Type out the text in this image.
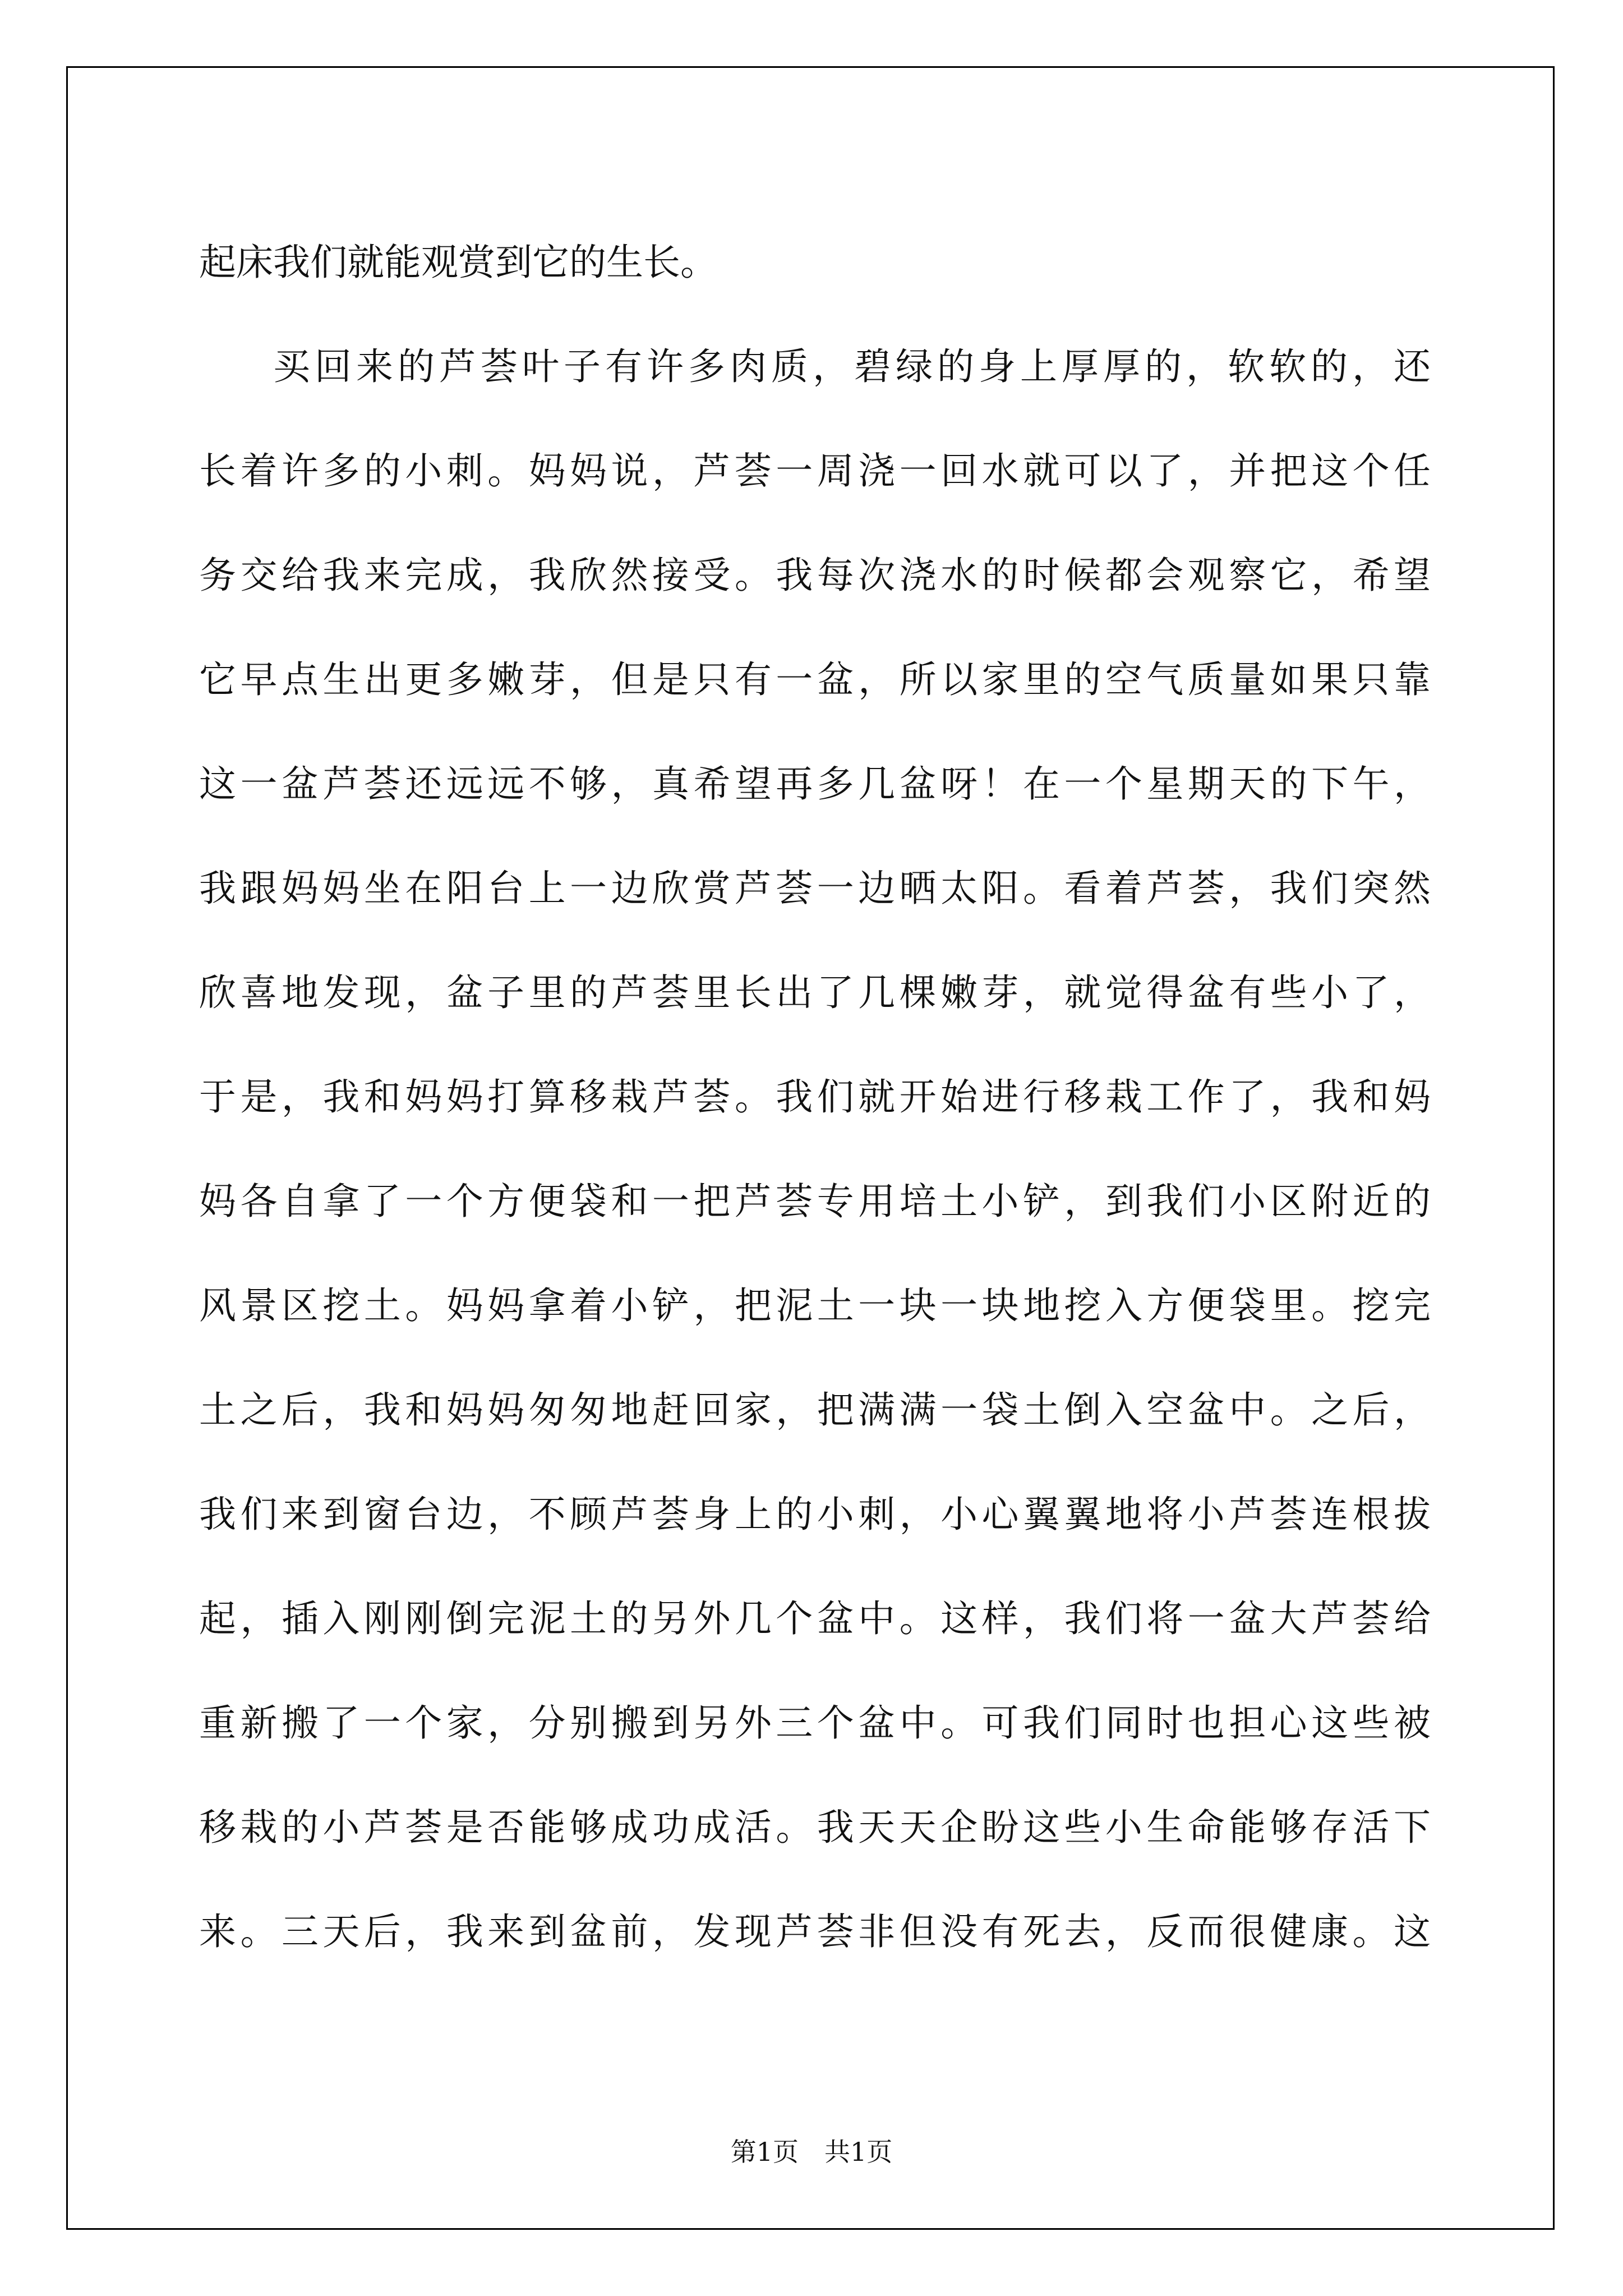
起床我们就能观赏到它的生长。
买回来的芦荟叶子有许多肉质，碧绿的身上厚厚的，软软的，还
长着许多的小刺。妈妈说，芦荟一周浇一回水就可以了，并把这个任
务交给我来完成，我欣然接受。我每次浇水的时候都会观察它，希望
它早点生出更多嫩芽，但是只有一盆，所以家里的空气质量如果只靠
这一盆芦荟还远远不够，真希望再多几盆呀！在一个星期天的下午，
我跟妈妈坐在阳台上一边欣赏芦荟一边晒太阳。看着芦荟，我们突然
欣喜地发现，盆子里的芦荟里长出了几棵嫩芽，就觉得盆有些小了，
于是，我和妈妈打算移栽芦荟。我们就开始进行移栽工作了，我和妈
妈各自拿了一个方便袋和一把芦荟专用培土小铲，到我们小区附近的
风景区挖土。妈妈拿着小铲，把泥土一块一块地挖入方便袋里。挖完
土之后，我和妈妈匆匆地赶回家，把满满一袋土倒入空盆中。之后，
我们来到窗台边，不顾芦荟身上的小刺，小心翼翼地将小芦荟连根拔
起，插入刚刚倒完泥土的另外几个盆中。这样，我们将一盆大芦荟给
重新搬了一个家，分别搬到另外三个盆中。可我们同时也担心这些被
移栽的小芦荟是否能够成功成活。我天天企盼这些小生命能够存活下
来。三天后，我来到盆前，发现芦荟非但没有死去，反而很健康。这
第1页　共1页
